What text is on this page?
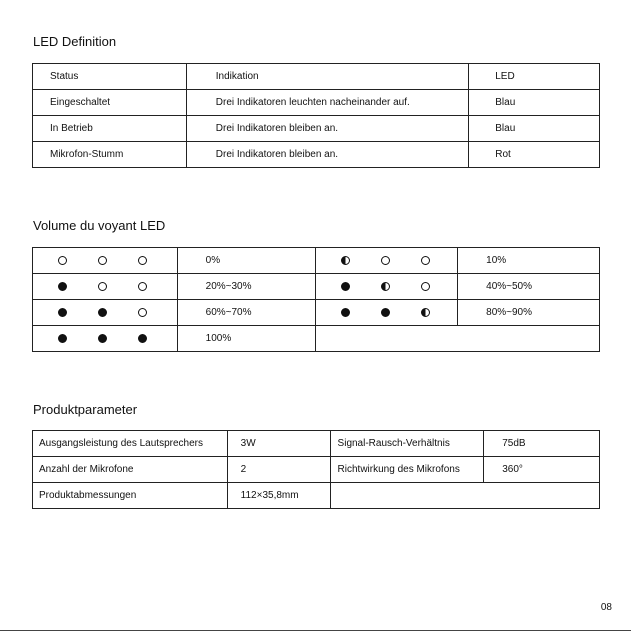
LED Definition
Status	Indikation	LED
Eingeschaltet	Drei Indikatoren leuchten nacheinander auf.	Blau
In Betrieb	Drei Indikatoren bleiben an.	Blau
Mikrofon-Stumm	Drei Indikatoren bleiben an.	Rot
Volume du voyant LED
	0%		10%

	20%~30%		40%~50%

	60%~70%		80%~90%

	100%		
Produktparameter
Ausgangsleistung des Lautsprechers	3W	Signal-Rausch-Verhältnis	75dB
Anzahl der Mikrofone	2	Richtwirkung des Mikrofons	360°
Produktabmessungen	112×35,8mm		
08
